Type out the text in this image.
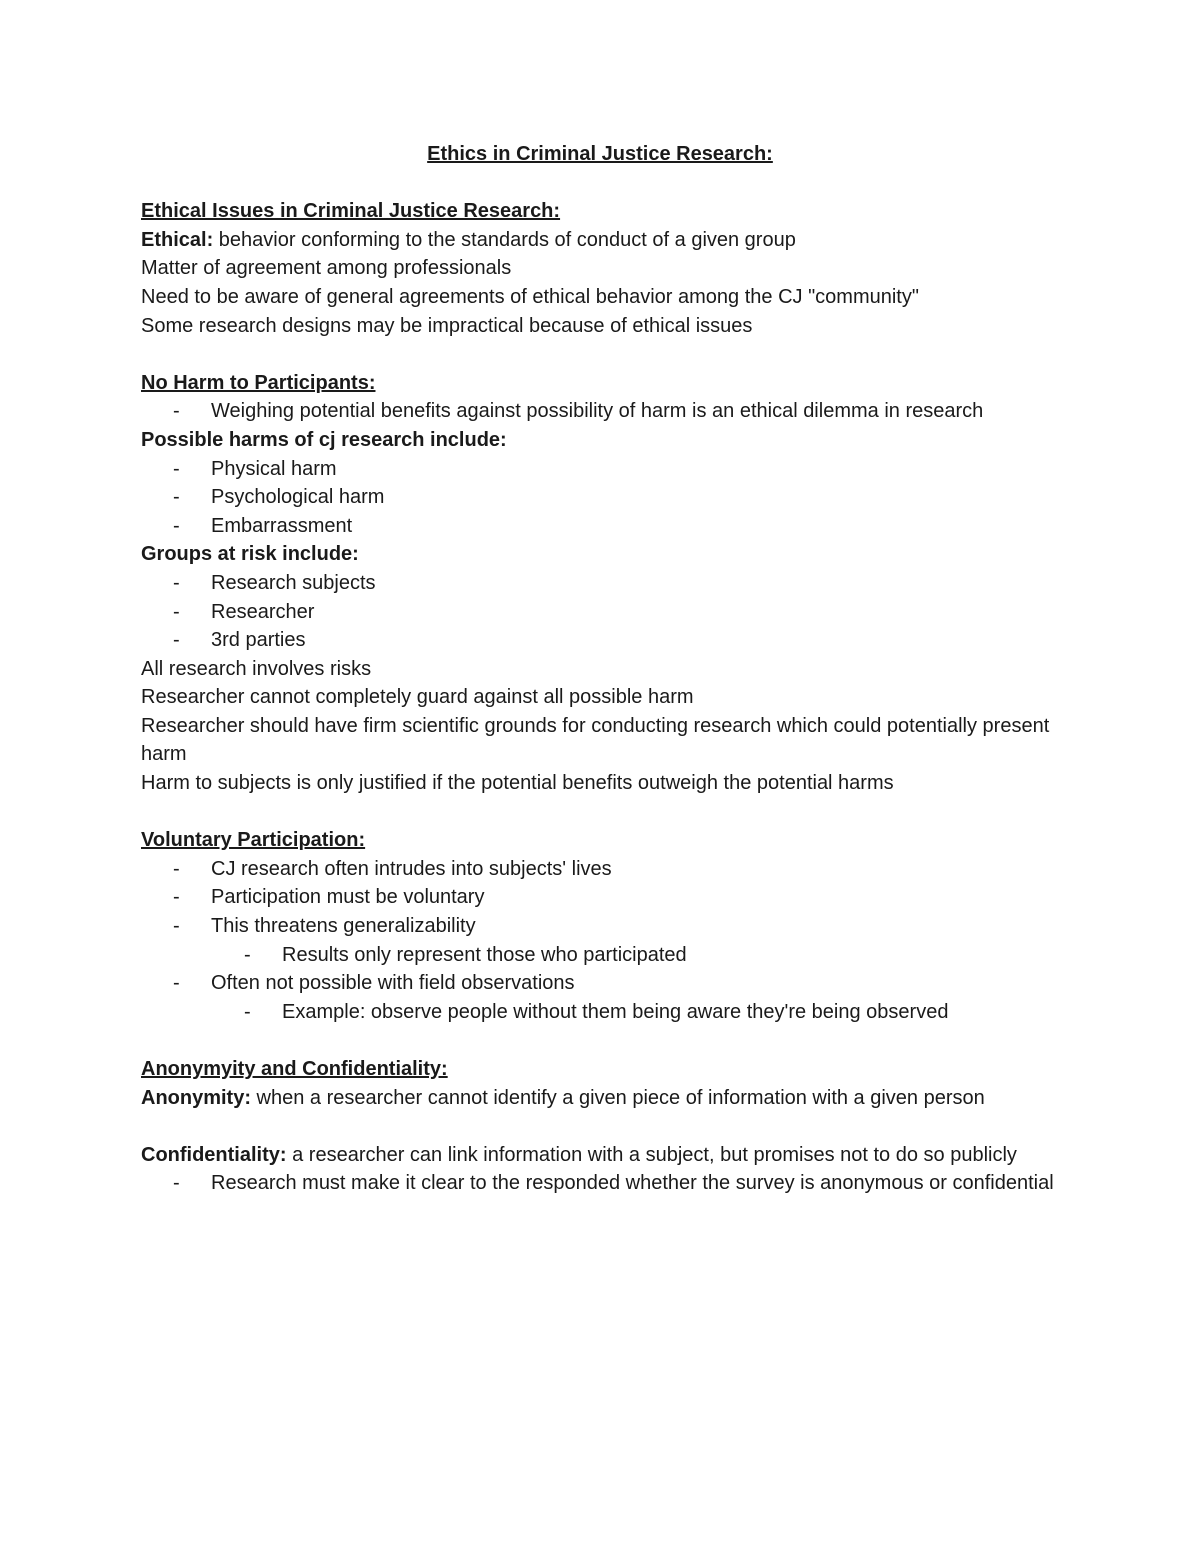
Ethics in Criminal Justice Research:

Ethical Issues in Criminal Justice Research:

Ethical: behavior conforming to the standards of conduct of a given group

Matter of agreement among professionals

Need to be aware of general agreements of ethical behavior among the CJ "community"

Some research designs may be impractical because of ethical issues

No Harm to Participants:

- Weighing potential benefits against possibility of harm is an ethical dilemma in research

Possible harms of cj research include:

- Physical harm
- Psychological harm
- Embarrassment

Groups at risk include:

- Research subjects
- Researcher
- 3rd parties

All research involves risks

Researcher cannot completely guard against all possible harm

Researcher should have firm scientific grounds for conducting research which could potentially present harm

Harm to subjects is only justified if the potential benefits outweigh the potential harms

Voluntary Participation:

- CJ research often intrudes into subjects' lives
- Participation must be voluntary
- This threatens generalizability
- Results only represent those who participated
- Often not possible with field observations
- Example: observe people without them being aware they're being observed

Anonymyity and Confidentiality:

Anonymity: when a researcher cannot identify a given piece of information with a given person

Confidentiality: a researcher can link information with a subject, but promises not to do so publicly

- Research must make it clear to the responded whether the survey is anonymous or confidential
